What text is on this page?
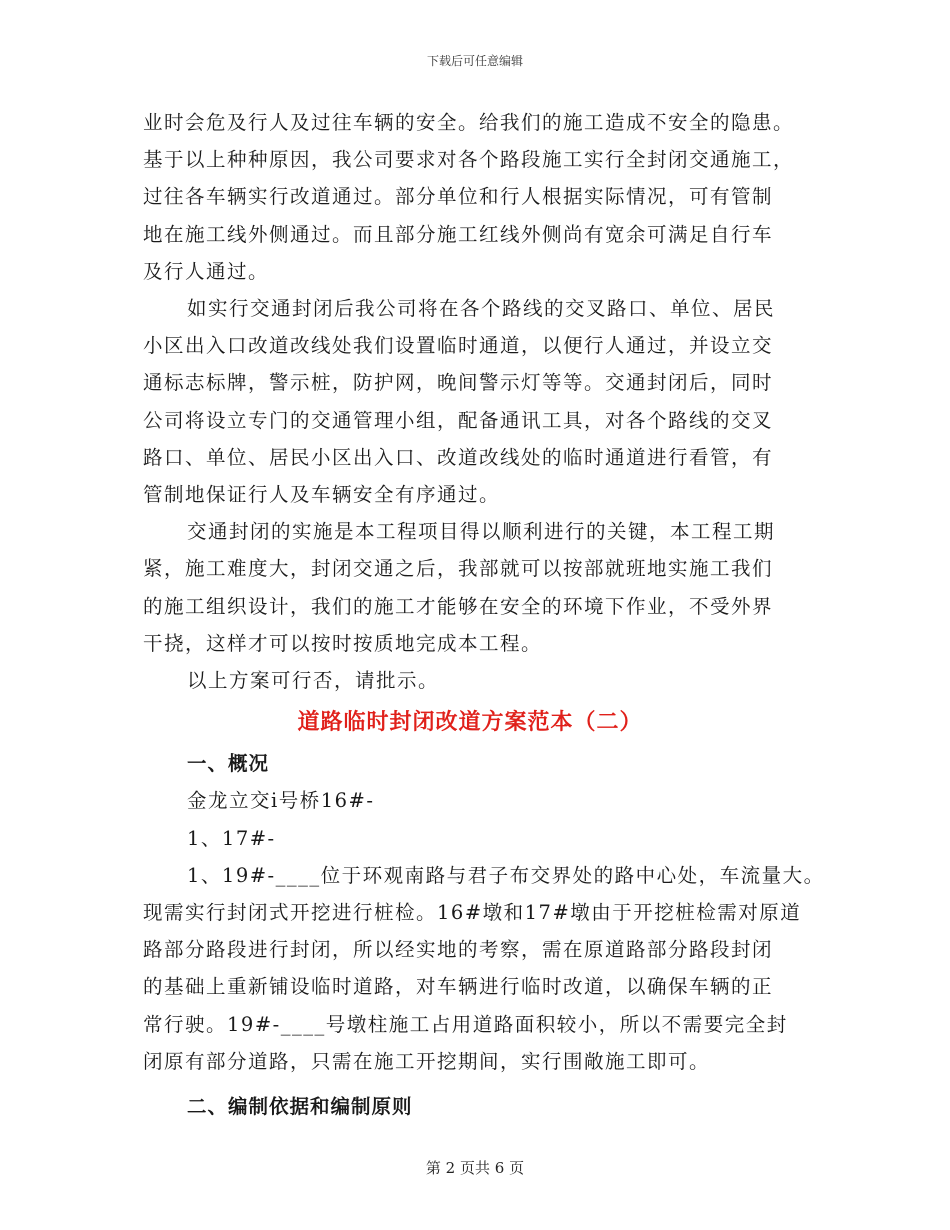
下载后可任意编辑

业时会危及行人及过往车辆的安全。给我们的施工造成不安全的隐患。

基于以上种种原因，我公司要求对各个路段施工实行全封闭交通施工，

过往各车辆实行改道通过。部分单位和行人根据实际情况，可有管制

地在施工线外侧通过。而且部分施工红线外侧尚有宽余可满足自行车

及行人通过。

如实行交通封闭后我公司将在各个路线的交叉路口、单位、居民

小区出入口改道改线处我们设置临时通道，以便行人通过，并设立交

通标志标牌，警示桩，防护网，晚间警示灯等等。交通封闭后，同时

公司将设立专门的交通管理小组，配备通讯工具，对各个路线的交叉

路口、单位、居民小区出入口、改道改线处的临时通道进行看管，有

管制地保证行人及车辆安全有序通过。

交通封闭的实施是本工程项目得以顺利进行的关键，本工程工期

紧，施工难度大，封闭交通之后，我部就可以按部就班地实施工我们

的施工组织设计，我们的施工才能够在安全的环境下作业，不受外界

干挠，这样才可以按时按质地完成本工程。

以上方案可行否，请批示。

道路临时封闭改道方案范本（二）

一、概况

金龙立交ⅰ号桥16#-

1、17#-

1、19#-____位于环观南路与君子布交界处的路中心处，车流量大。

现需实行封闭式开挖进行桩检。16#墩和17#墩由于开挖桩检需对原道

路部分路段进行封闭，所以经实地的考察，需在原道路部分路段封闭

的基础上重新铺设临时道路，对车辆进行临时改道，以确保车辆的正

常行驶。19#-____号墩柱施工占用道路面积较小，所以不需要完全封

闭原有部分道路，只需在施工开挖期间，实行围敞施工即可。

二、编制依据和编制原则

第 2 页共 6 页
